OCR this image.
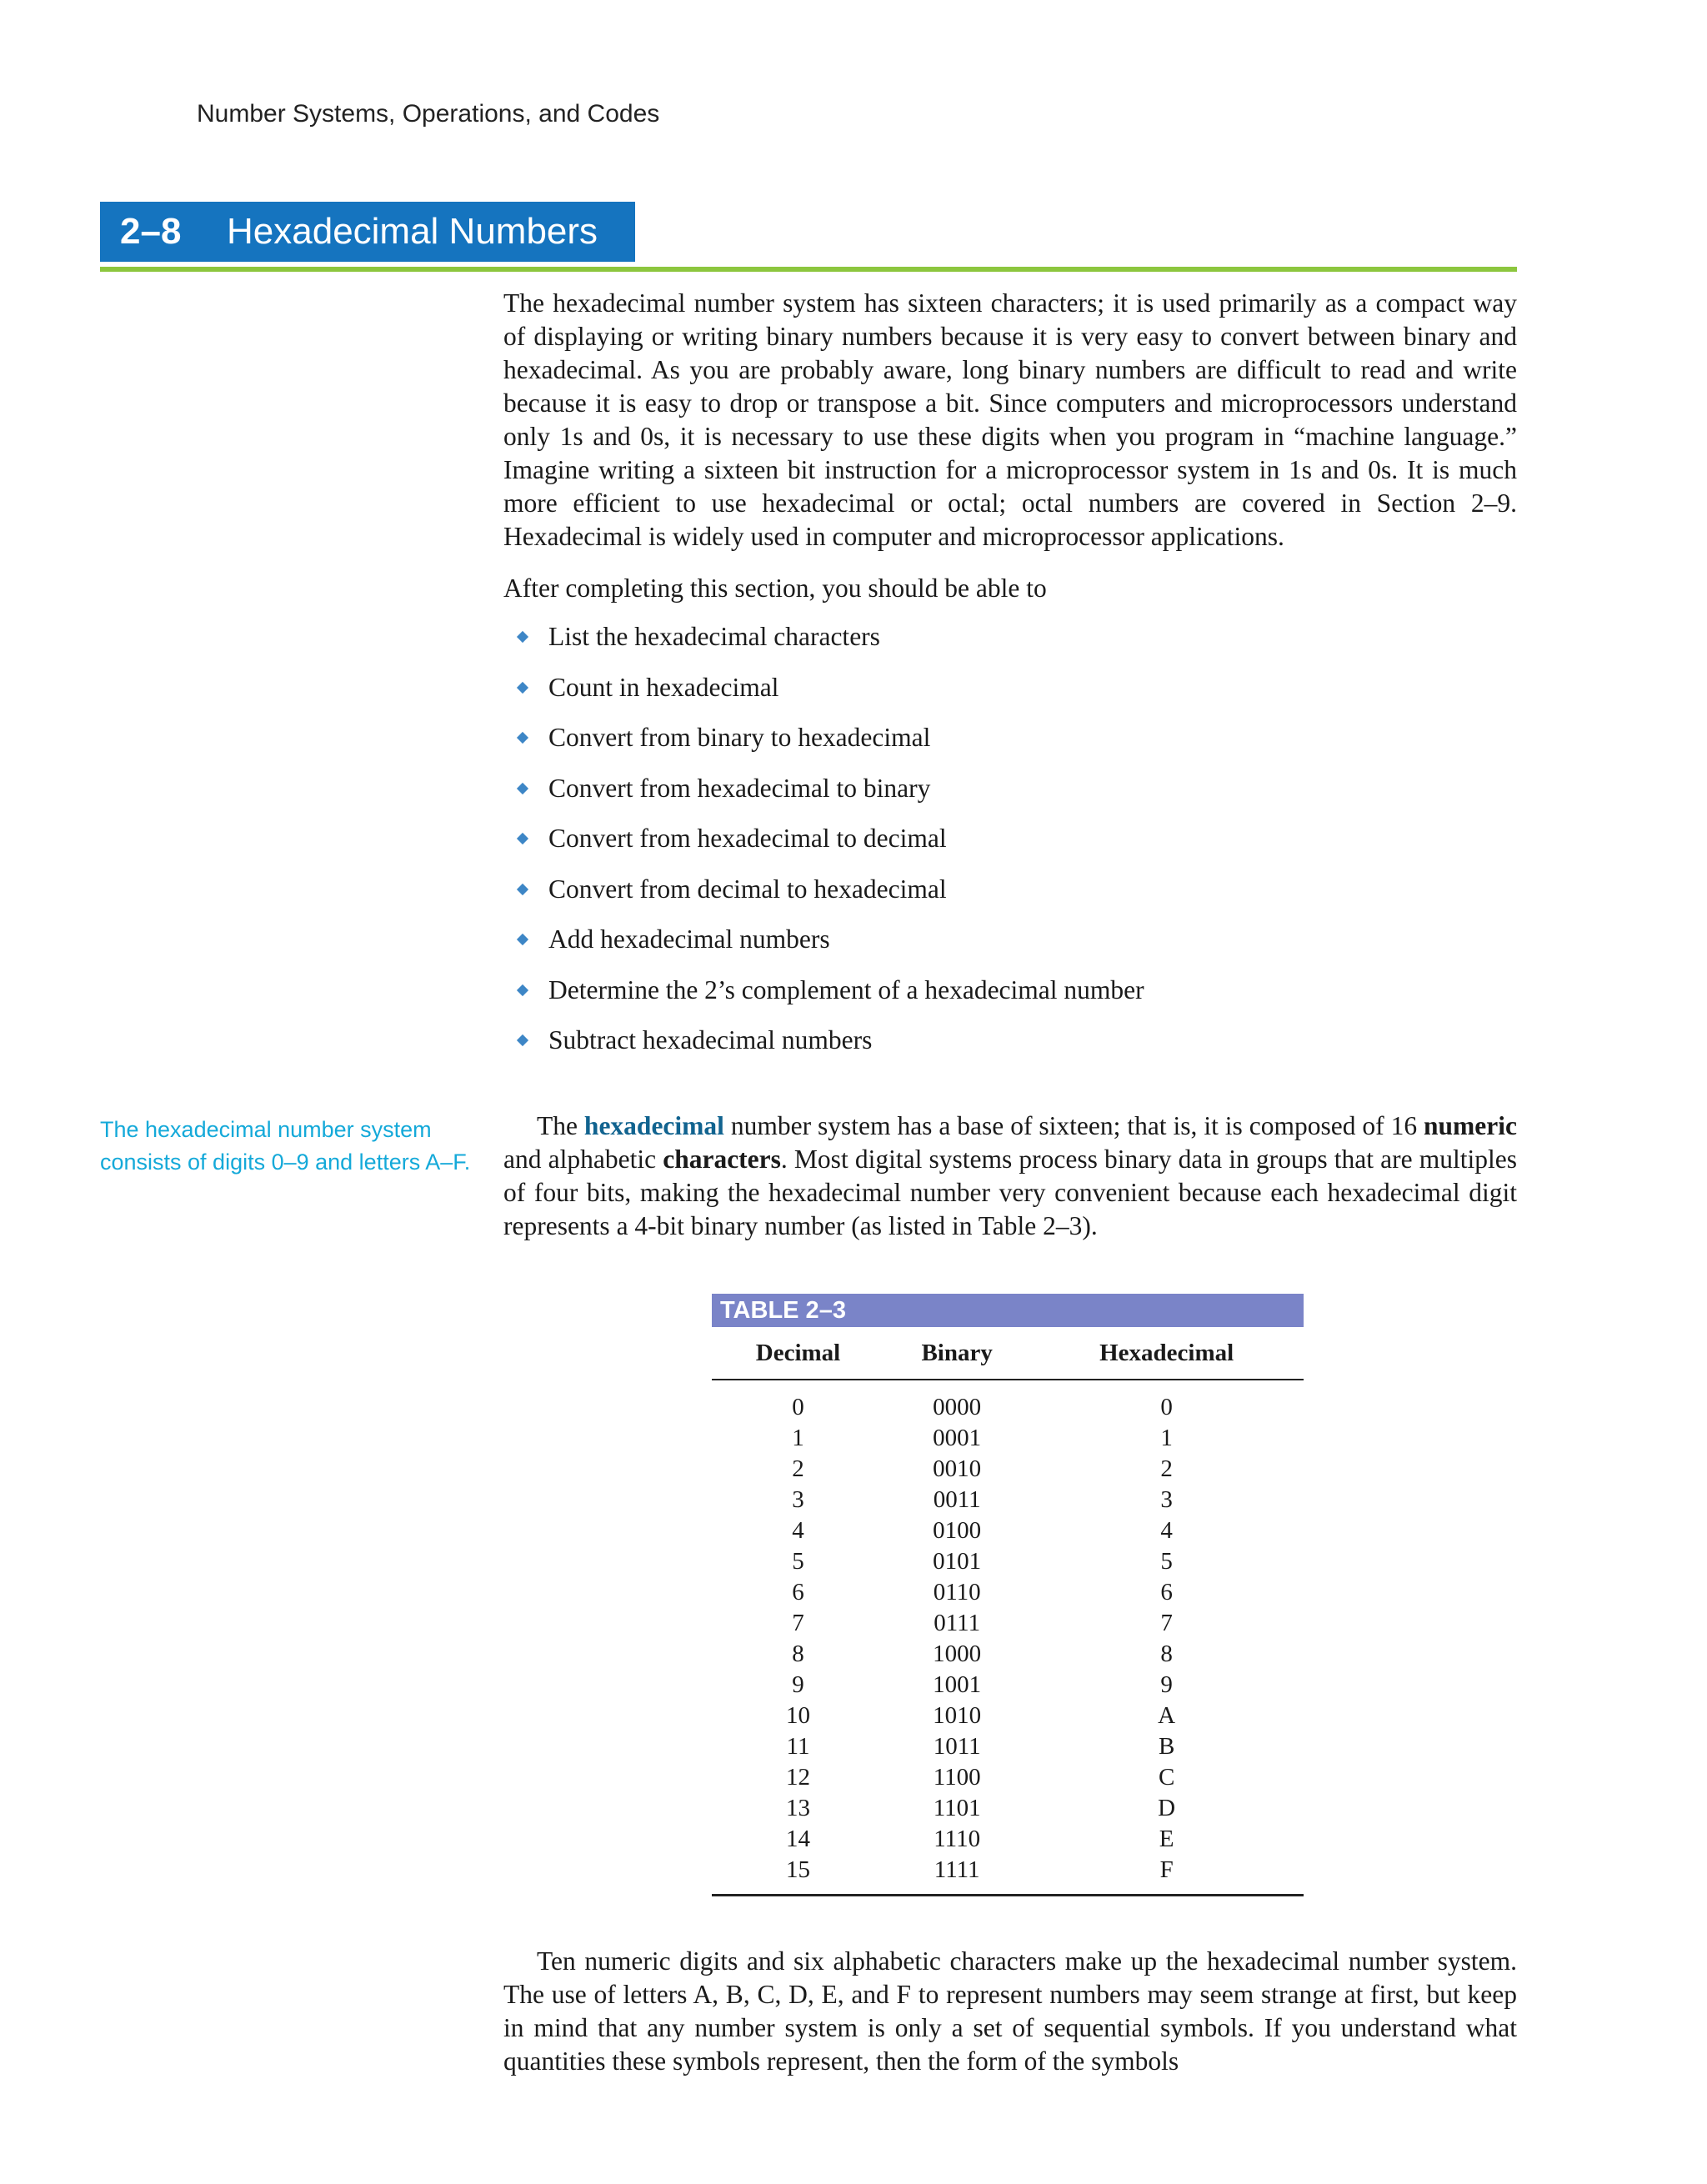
Number Systems, Operations, and Codes
2–8	Hexadecimal Numbers

The hexadecimal number system has sixteen characters; it is used primarily as a compact way of displaying or writing binary numbers because it is very easy to convert between binary and hexadecimal. As you are probably aware, long binary numbers are difficult to read and write because it is easy to drop or transpose a bit. Since computers and microprocessors understand only 1s and 0s, it is necessary to use these digits when you program in “machine language.” Imagine writing a sixteen bit instruction for a microprocessor system in 1s and 0s. It is much more efficient to use hexadecimal or octal; octal numbers are covered in Section 2–9. Hexadecimal is widely used in computer and microprocessor applications.

After completing this section, you should be able to

List the hexadecimal characters
Count in hexadecimal
Convert from binary to hexadecimal
Convert from hexadecimal to binary
Convert from hexadecimal to decimal
Convert from decimal to hexadecimal
Add hexadecimal numbers
Determine the 2’s complement of a hexadecimal number
Subtract hexadecimal numbers
The hexadecimal number system consists of digits 0–9 and letters A–F.

The hexadecimal number system has a base of sixteen; that is, it is composed of 16 numeric and alphabetic characters. Most digital systems process binary data in groups that are multiples of four bits, making the hexadecimal number very convenient because each hexadecimal digit represents a 4-bit binary number (as listed in Table 2–3).

TABLE 2–3
Decimal	Binary	Hexadecimal
0	0000	0
1	0001	1
2	0010	2
3	0011	3
4	0100	4
5	0101	5
6	0110	6
7	0111	7
8	1000	8
9	1001	9
10	1010	A
11	1011	B
12	1100	C
13	1101	D
14	1110	E
15	1111	F

Ten numeric digits and six alphabetic characters make up the hexadecimal number system. The use of letters A, B, C, D, E, and F to represent numbers may seem strange at first, but keep in mind that any number system is only a set of sequential symbols. If you understand what quantities these symbols represent, then the form of the symbols
